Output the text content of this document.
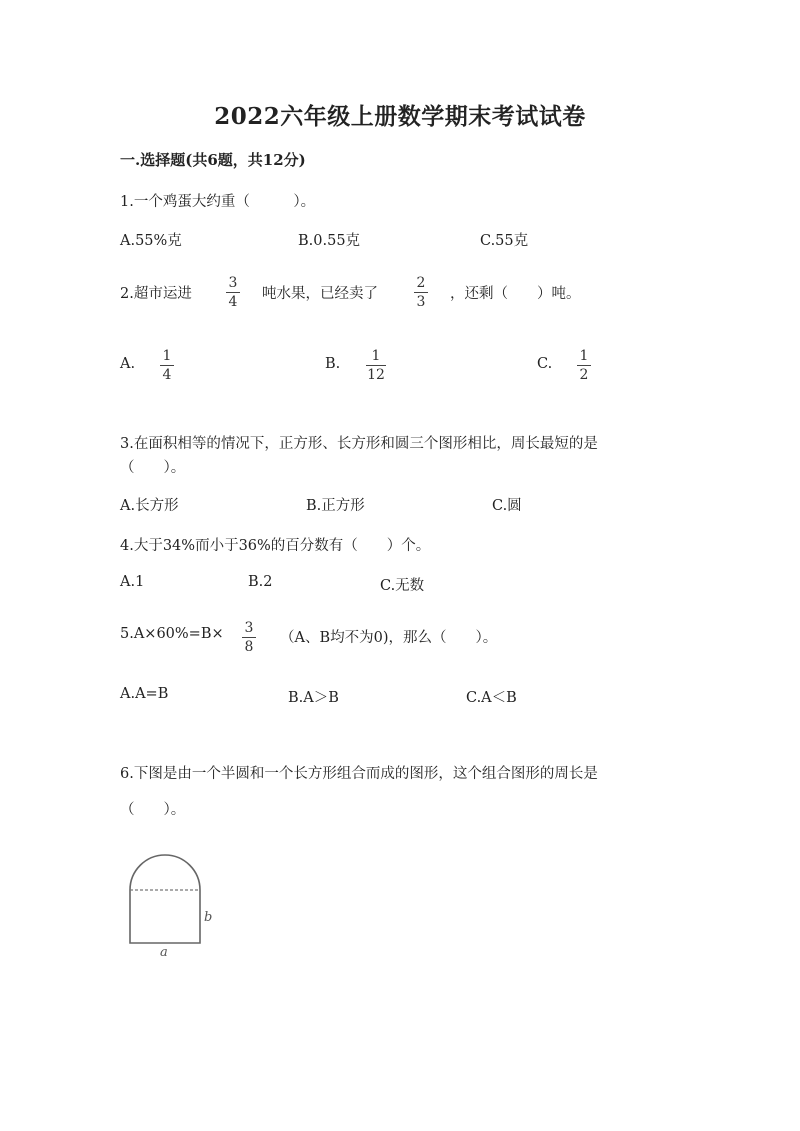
2022六年级上册数学期末考试试卷
一.选择题(共6题，共12分)
1.一个鸡蛋大约重（　　　）。
A.55%克	B.0.55克	C.55克
2.超市运进
3
4 吨水果，已经卖了
2
3 ，还剩（　　）吨。
A. 1
4
B. 1
12
C. 1
2
3.在面积相等的情况下，正方形、长方形和圆三个图形相比，周长最短的是
（　　）。
A.长方形	B.正方形	C.圆
4.大于34%而小于36%的百分数有（　　）个。
A.1	B.2	C.无数
5.A×60%=B× 3
8
（A、B均不为0)，那么（　　）。
A.A=B	B.A＞B	C.A＜B
6.下图是由一个半圆和一个长方形组合而成的图形，这个组合图形的周长是
（　　）。
b
a
